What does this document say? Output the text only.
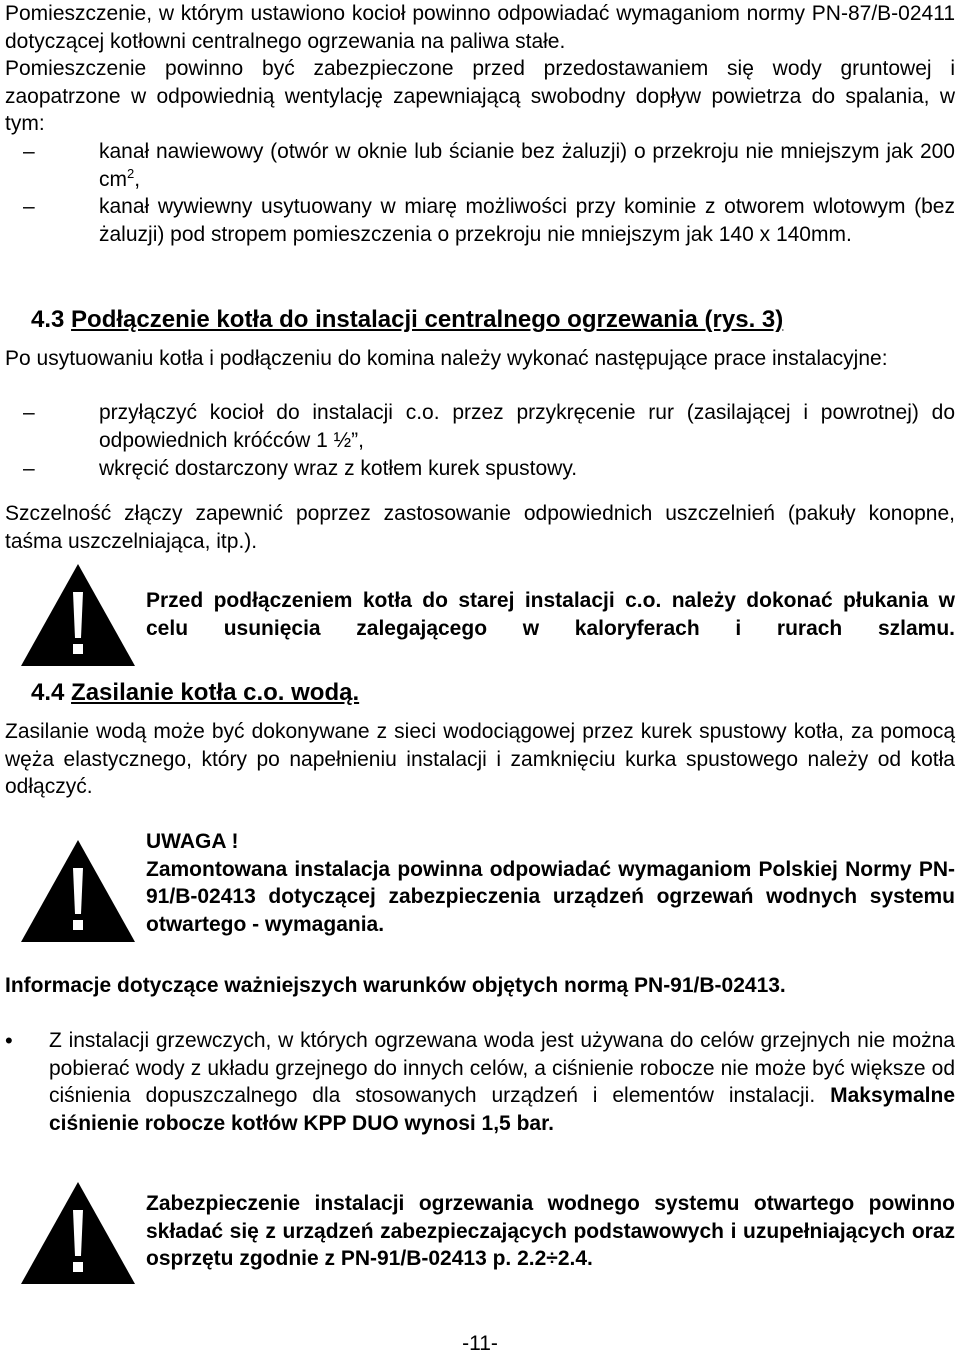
Pomieszczenie, w którym ustawiono kocioł powinno odpowiadać wymaganiom normy PN-87/B-02411 dotyczącej kotłowni centralnego ogrzewania na paliwa stałe.

Pomieszczenie powinno być zabezpieczone przed przedostawaniem się wody gruntowej i zaopatrzone w odpowiednią wentylację zapewniającą swobodny dopływ powietrza do spalania, w tym:

–	kanał nawiewowy (otwór w oknie lub ścianie bez żaluzji) o przekroju nie mniejszym jak 200 $cm^2$,
–	kanał wywiewny usytuowany w miarę możliwości przy kominie z otworem wlotowym (bez żaluzji) pod stropem pomieszczenia o przekroju nie mniejszym jak 140 x 140mm.
4.3 Podłączenie kotła do instalacji centralnego ogrzewania (rys. 3)

Po usytuowaniu kotła i podłączeniu do komina należy wykonać następujące prace instalacyjne:

–	przyłączyć kocioł do instalacji c.o. przez przykręcenie rur (zasilającej i powrotnej) do odpowiednich króćców 1 ½”,
–	wkręcić dostarczony wraz z kotłem kurek spustowy.

Szczelność złączy zapewnić poprzez zastosowanie odpowiednich uszczelnień (pakuły konopne, taśma uszczelniająca, itp.).

Przed podłączeniem kotła do starej instalacji c.o. należy dokonać płukania w celu usunięcia zalegającego w kaloryferach i rurach szlamu.

4.4 Zasilanie kotła c.o. wodą.

Zasilanie wodą może być dokonywane z sieci wodociągowej przez kurek spustowy kotła, za pomocą węża elastycznego, który po napełnieniu instalacji i zamknięciu kurka spustowego należy od kotła odłączyć.

UWAGA !

Zamontowana instalacja powinna odpowiadać wymaganiom Polskiej Normy PN-91/B-02413 dotyczącej zabezpieczenia urządzeń ogrzewań wodnych systemu otwartego - wymagania.

Informacje dotyczące ważniejszych warunków objętych normą PN-91/B-02413.

• Z instalacji grzewczych, w których ogrzewana woda jest używana do celów grzejnych nie można pobierać wody z układu grzejnego do innych celów, a ciśnienie robocze nie może być większe od ciśnienia dopuszczalnego dla stosowanych urządzeń i elementów instalacji. Maksymalne ciśnienie robocze kotłów KPP DUO wynosi 1,5 bar.

Zabezpieczenie instalacji ogrzewania wodnego systemu otwartego powinno składać się z urządzeń zabezpieczających podstawowych i uzupełniających oraz osprzętu zgodnie z PN-91/B-02413 p. 2.2÷2.4.

-11-
